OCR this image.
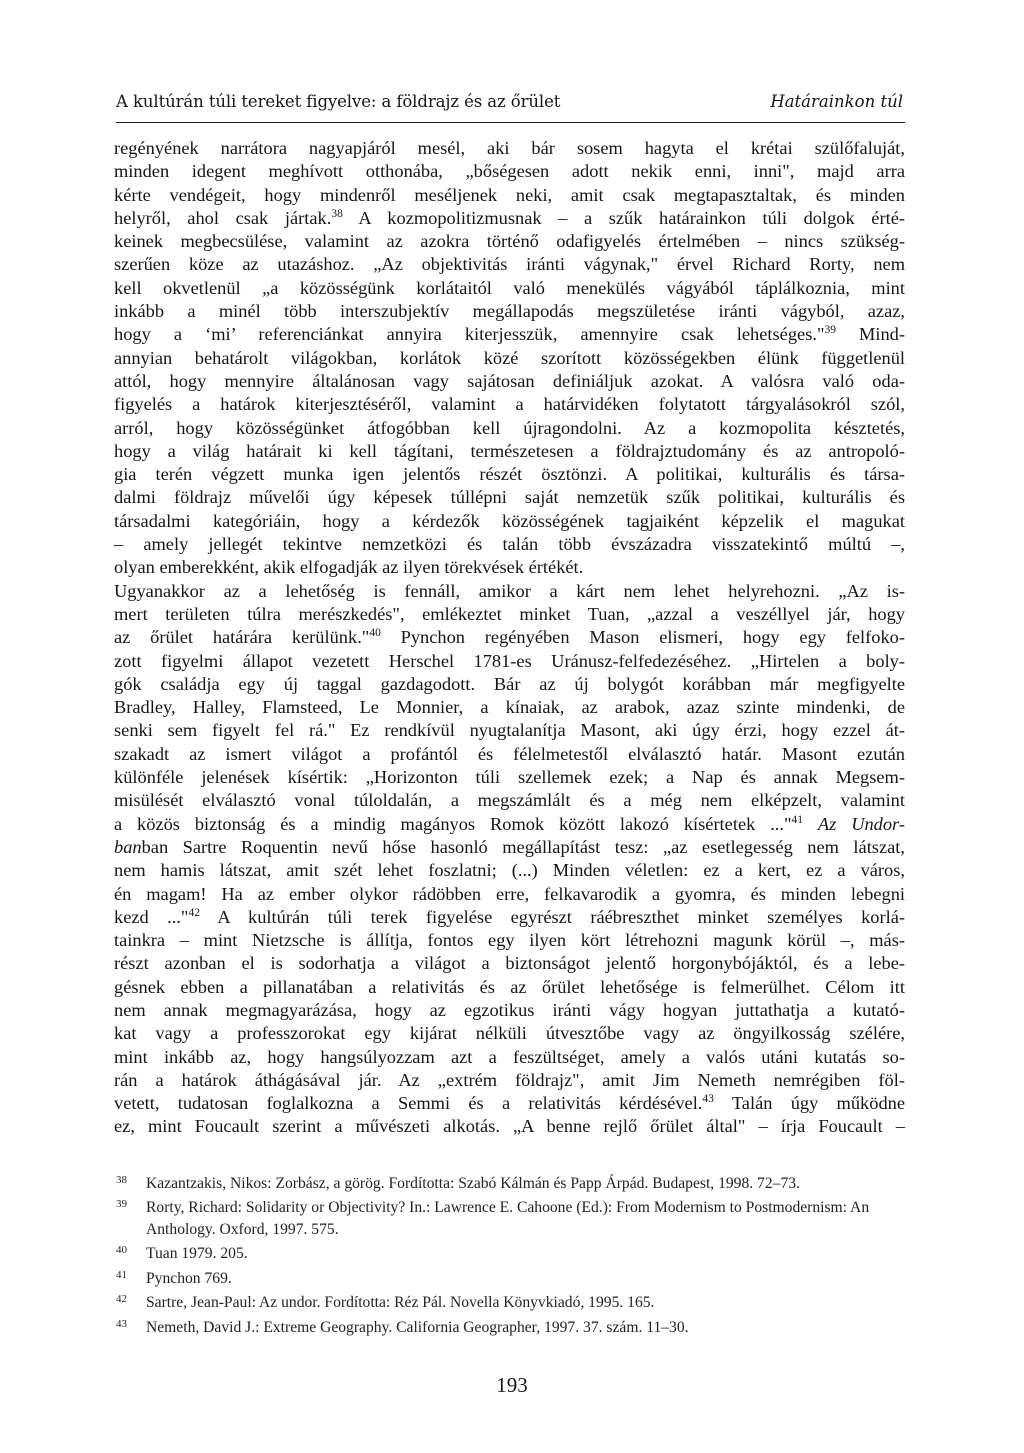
A kultúrán túli tereket figyelve: a földrajz és az őrület	Határainkon túl
regényének narrátora nagyapjáról mesél, aki bár sosem hagyta el krétai szülőfaluját,
minden idegent meghívott otthonába, „bőségesen adott nekik enni, inni", majd arra
kérte vendégeit, hogy mindenről meséljenek neki, amit csak megtapasztaltak, és minden
helyről, ahol csak jártak.$^{38}$ A kozmopolitizmusnak – a szűk határainkon túli dolgok érté-
keinek megbecsülése, valamint az azokra történő odafigyelés értelmében – nincs szükség-
szerűen köze az utazáshoz. „Az objektivitás iránti vágynak," érvel Richard Rorty, nem
kell okvetlenül „a közösségünk korlátaitól való menekülés vágyából táplálkoznia, mint
inkább a minél több interszubjektív megállapodás megszületése iránti vágyból, azaz,
hogy a ‘mi’ referenciánkat annyira kiterjesszük, amennyire csak lehetséges."$^{39}$ Mind-
annyian behatárolt világokban, korlátok közé szorított közösségekben élünk függetlenül
attól, hogy mennyire általánosan vagy sajátosan definiáljuk azokat. A valósra való oda-
figyelés a határok kiterjesztéséről, valamint a határvidéken folytatott tárgyalásokról szól,
arról, hogy közösségünket átfogóbban kell újragondolni. Az a kozmopolita késztetés,
hogy a világ határait ki kell tágítani, természetesen a földrajztudomány és az antropoló-
gia terén végzett munka igen jelentős részét ösztönzi. A politikai, kulturális és társa-
dalmi földrajz művelői úgy képesek túllépni saját nemzetük szűk politikai, kulturális és
társadalmi kategóriáin, hogy a kérdezők közösségének tagjaiként képzelik el magukat
– amely jellegét tekintve nemzetközi és talán több évszázadra visszatekintő múltú –,
olyan emberekként, akik elfogadják az ilyen törekvések értékét.
Ugyanakkor az a lehetőség is fennáll, amikor a kárt nem lehet helyrehozni. „Az is-
mert területen túlra merészkedés", emlékeztet minket Tuan, „azzal a veszéllyel jár, hogy
az őrület határára kerülünk."$^{40}$ Pynchon regényében Mason elismeri, hogy egy felfoko-
zott figyelmi állapot vezetett Herschel 1781-es Uránusz-felfedezéséhez. „Hirtelen a boly-
gók családja egy új taggal gazdagodott. Bár az új bolygót korábban már megfigyelte
Bradley, Halley, Flamsteed, Le Monnier, a kínaiak, az arabok, azaz szinte mindenki, de
senki sem figyelt fel rá." Ez rendkívül nyugtalanítja Masont, aki úgy érzi, hogy ezzel át-
szakadt az ismert világot a profántól és félelmetestől elválasztó határ. Masont ezután
különféle jelenések kísértik: „Horizonton túli szellemek ezek; a Nap és annak Megsem-
misülését elválasztó vonal túloldalán, a megszámlált és a még nem elképzelt, valamint
a közös biztonság és a mindig magányos Romok között lakozó kísértetek ..."$^{41}$ Az Undor-
banban Sartre Roquentin nevű hőse hasonló megállapítást tesz: „az esetlegesség nem látszat,
nem hamis látszat, amit szét lehet foszlatni; (...) Minden véletlen: ez a kert, ez a város,
én magam! Ha az ember olykor rádöbben erre, felkavarodik a gyomra, és minden lebegni
kezd ..."$^{42}$ A kultúrán túli terek figyelése egyrészt ráébreszthet minket személyes korlá-
tainkra – mint Nietzsche is állítja, fontos egy ilyen kört létrehozni magunk körül –, más-
részt azonban el is sodorhatja a világot a biztonságot jelentő horgonybójáktól, és a lebe-
gésnek ebben a pillanatában a relativitás és az őrület lehetősége is felmerülhet. Célom itt
nem annak megmagyarázása, hogy az egzotikus iránti vágy hogyan juttathatja a kutató-
kat vagy a professzorokat egy kijárat nélküli útvesztőbe vagy az öngyilkosság szélére,
mint inkább az, hogy hangsúlyozzam azt a feszültséget, amely a valós utáni kutatás so-
rán a határok áthágásával jár. Az „extrém földrajz", amit Jim Nemeth nemrégiben föl-
vetett, tudatosan foglalkozna a Semmi és a relativitás kérdésével.$^{43}$ Talán úgy működne
ez, mint Foucault szerint a művészeti alkotás. „A benne rejlő őrület által" – írja Foucault –
38 Kazantzakis, Nikos: Zorbász, a görög. Fordította: Szabó Kálmán és Papp Árpád. Budapest, 1998. 72–73.
39 Rorty, Richard: Solidarity or Objectivity? In.: Lawrence E. Cahoone (Ed.): From Modernism to Postmodernism: An Anthology. Oxford, 1997. 575.
40 Tuan 1979. 205.
41 Pynchon 769.
42 Sartre, Jean-Paul: Az undor. Fordította: Réz Pál. Novella Könyvkiadó, 1995. 165.
43 Nemeth, David J.: Extreme Geography. California Geographer, 1997. 37. szám. 11–30.
193
